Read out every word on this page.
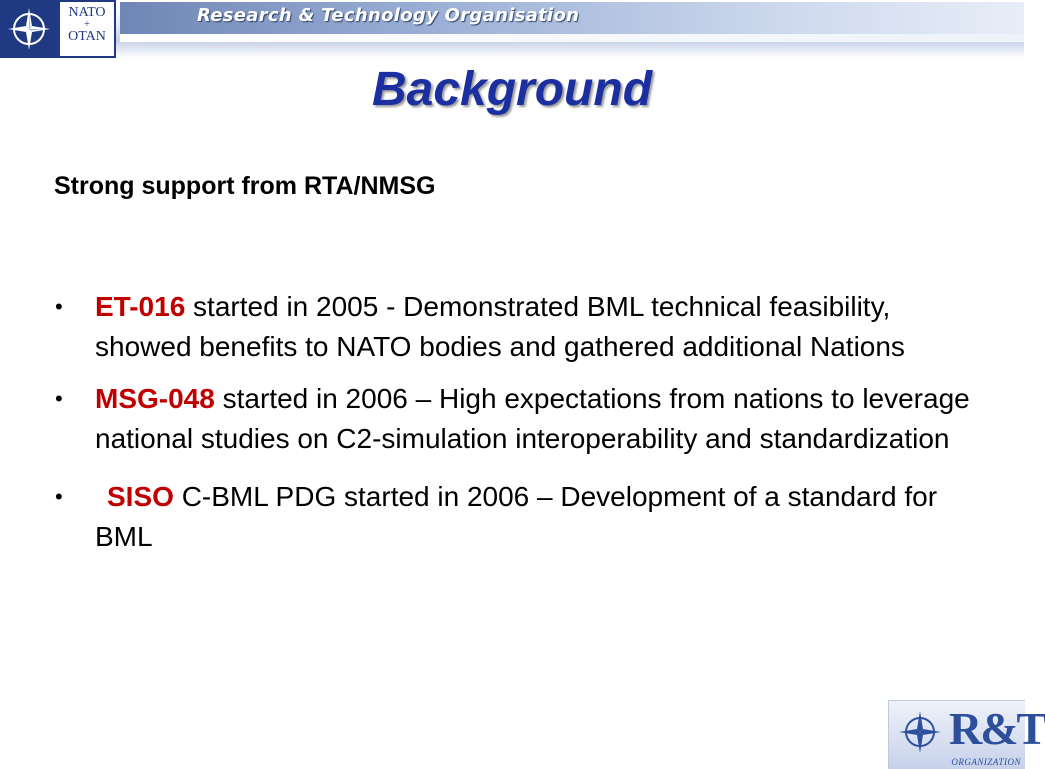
Research & Technology Organisation
NATO
+
OTAN
Background
Strong support from RTA/NMSG
•	ET-016 started in 2005 - Demonstrated BML technical feasibility, showed benefits to NATO bodies and gathered additional Nations
•	MSG-048 started in 2006 – High expectations from nations to leverage national studies on C2-simulation interoperability and standardization
•	SISO C-BML PDG started in 2006 – Development of a standard for BML
R&T
ORGANIZATION
